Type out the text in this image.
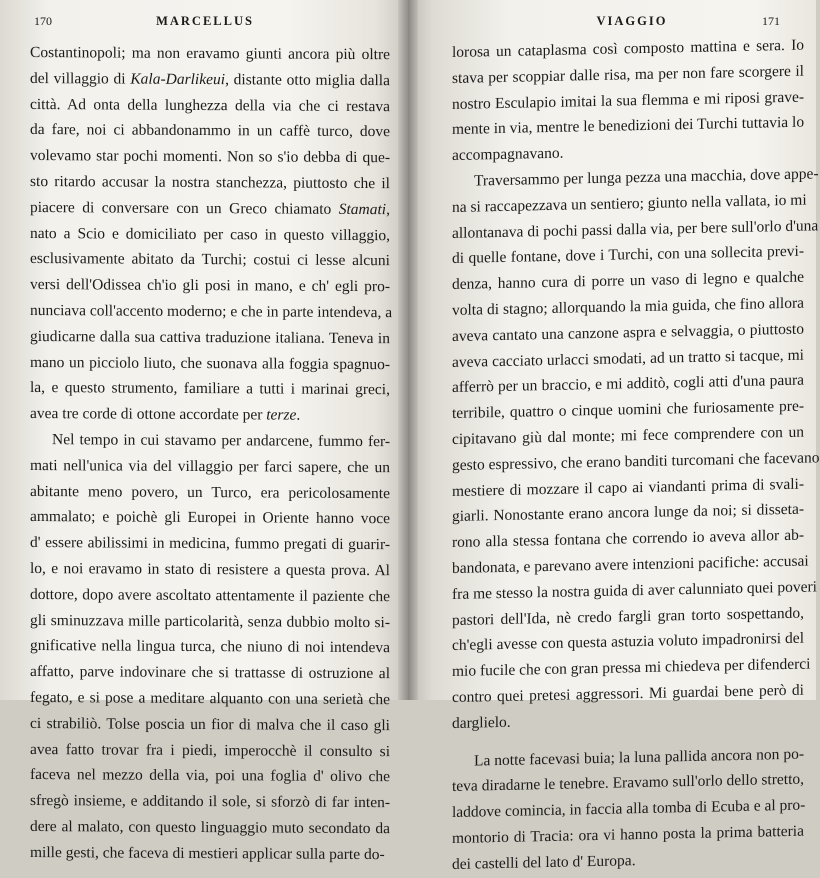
170	MARCELLUS
Costantinopoli; ma non eravamo giunti ancora più oltre
del villaggio di Kala-Darlikeui, distante otto miglia dalla
città. Ad onta della lunghezza della via che ci restava
da fare, noi ci abbandonammo in un caffè turco, dove
volevamo star pochi momenti. Non so s'io debba di que-
sto ritardo accusar la nostra stanchezza, piuttosto che il
piacere di conversare con un Greco chiamato Stamati,
nato a Scio e domiciliato per caso in questo villaggio,
esclusivamente abitato da Turchi; costui ci lesse alcuni
versi dell'Odissea ch'io gli posi in mano, e ch' egli pro-
nunciava coll'accento moderno; e che in parte intendeva, a
giudicarne dalla sua cattiva traduzione italiana. Teneva in
mano un picciolo liuto, che suonava alla foggia spagnuo-
la, e questo strumento, familiare a tutti i marinai greci,
avea tre corde di ottone accordate per terze.
Nel tempo in cui stavamo per andarcene, fummo fer-
mati nell'unica via del villaggio per farci sapere, che un
abitante meno povero, un Turco, era pericolosamente
ammalato; e poichè gli Europei in Oriente hanno voce
d' essere abilissimi in medicina, fummo pregati di guarir-
lo, e noi eravamo in stato di resistere a questa prova. Al
dottore, dopo avere ascoltato attentamente il paziente che
gli sminuzzava mille particolarità, senza dubbio molto si-
gnificative nella lingua turca, che niuno di noi intendeva
affatto, parve indovinare che si trattasse di ostruzione al
fegato, e si pose a meditare alquanto con una serietà che
ci strabiliò. Tolse poscia un fior di malva che il caso gli
avea fatto trovar fra i piedi, imperocchè il consulto si
faceva nel mezzo della via, poi una foglia d' olivo che
sfregò insieme, e additando il sole, si sforzò di far inten-
dere al malato, con questo linguaggio muto secondato da
mille gesti, che faceva di mestieri applicar sulla parte do-
VIAGGIO	171
lorosa un cataplasma così composto mattina e sera. Io
stava per scoppiar dalle risa, ma per non fare scorgere il
nostro Esculapio imitai la sua flemma e mi riposi grave-
mente in via, mentre le benedizioni dei Turchi tuttavia lo
accompagnavano.
Traversammo per lunga pezza una macchia, dove appe-
na si raccapezzava un sentiero; giunto nella vallata, io mi
allontanava di pochi passi dalla via, per bere sull'orlo d'una
di quelle fontane, dove i Turchi, con una sollecita previ-
denza, hanno cura di porre un vaso di legno e qualche
volta di stagno; allorquando la mia guida, che fino allora
aveva cantato una canzone aspra e selvaggia, o piuttosto
aveva cacciato urlacci smodati, ad un tratto si tacque, mi
afferrò per un braccio, e mi additò, cogli atti d'una paura
terribile, quattro o cinque uomini che furiosamente pre-
cipitavano giù dal monte; mi fece comprendere con un
gesto espressivo, che erano banditi turcomani che facevano
mestiere di mozzare il capo ai viandanti prima di svali-
giarli. Nonostante erano ancora lunge da noi; si disseta-
rono alla stessa fontana che correndo io aveva allor ab-
bandonata, e parevano avere intenzioni pacifiche: accusai
fra me stesso la nostra guida di aver calunniato quei poveri
pastori dell'Ida, nè credo fargli gran torto sospettando,
ch'egli avesse con questa astuzia voluto impadronirsi del
mio fucile che con gran pressa mi chiedeva per difenderci
contro quei pretesi aggressori. Mi guardai bene però di
darglielo.
La notte facevasi buia; la luna pallida ancora non po-
teva diradarne le tenebre. Eravamo sull'orlo dello stretto,
laddove comincia, in faccia alla tomba di Ecuba e al pro-
montorio di Tracia: ora vi hanno posta la prima batteria
dei castelli del lato d' Europa.
